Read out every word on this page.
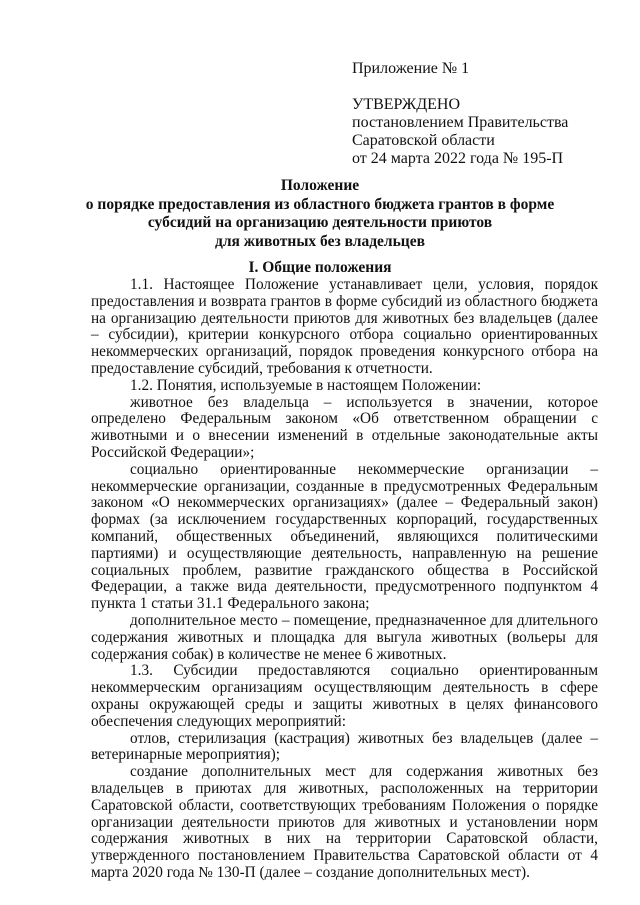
Приложение № 1
УТВЕРЖДЕНО
постановлением Правительства
Саратовской области
от 24 марта 2022 года № 195-П
Положение
о порядке предоставления из областного бюджета грантов в форме
субсидий на организацию деятельности приютов
для животных без владельцев
I. Общие положения

1.1. Настоящее Положение устанавливает цели, условия, порядок предоставления и возврата грантов в форме субсидий из областного бюджета на организацию деятельности приютов для животных без владельцев (далее – субсидии), критерии конкурсного отбора социально ориентированных некоммерческих организаций, порядок проведения конкурсного отбора на предоставление субсидий, требования к отчетности.

1.2. Понятия, используемые в настоящем Положении:

животное без владельца – используется в значении, которое определено Федеральным законом «Об ответственном обращении с животными и о внесении изменений в отдельные законодательные акты Российской Федерации»;

социально ориентированные некоммерческие организации – некоммерческие организации, созданные в предусмотренных Федеральным законом «О некоммерческих организациях» (далее – Федеральный закон) формах (за исключением государственных корпораций, государственных компаний, общественных объединений, являющихся политическими партиями) и осуществляющие деятельность, направленную на решение социальных проблем, развитие гражданского общества в Российской Федерации, а также вида деятельности, предусмотренного подпунктом 4 пункта 1 статьи 31.1 Федерального закона;

дополнительное место – помещение, предназначенное для длительного содержания животных и площадка для выгула животных (вольеры для содержания собак) в количестве не менее 6 животных.

1.3. Субсидии предоставляются социально ориентированным некоммерческим организациям осуществляющим деятельность в сфере охраны окружающей среды и защиты животных в целях финансового обеспечения следующих мероприятий:

отлов, стерилизация (кастрация) животных без владельцев (далее – ветеринарные мероприятия);

создание дополнительных мест для содержания животных без владельцев в приютах для животных, расположенных на территории Саратовской области, соответствующих требованиям Положения о порядке организации деятельности приютов для животных и установлении норм содержания животных в них на территории Саратовской области, утвержденного постановлением Правительства Саратовской области от 4 марта 2020 года № 130-П (далее – создание дополнительных мест).
